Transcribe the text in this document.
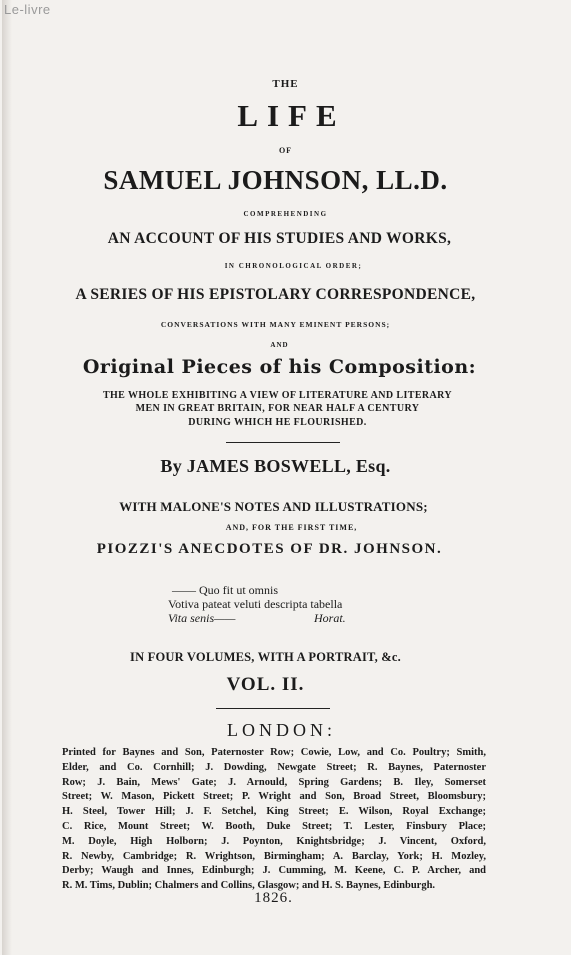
Le-livre
THE
LIFE
OF
SAMUEL JOHNSON, LL.D.
COMPREHENDING
AN ACCOUNT OF HIS STUDIES AND WORKS,
IN CHRONOLOGICAL ORDER;
A SERIES OF HIS EPISTOLARY CORRESPONDENCE,
CONVERSATIONS WITH MANY EMINENT PERSONS;
AND
Original Pieces of his Composition:
THE WHOLE EXHIBITING A VIEW OF LITERATURE AND LITERARY
MEN IN GREAT BRITAIN, FOR NEAR HALF A CENTURY
DURING WHICH HE FLOURISHED.
By JAMES BOSWELL, Esq.
WITH MALONE'S NOTES AND ILLUSTRATIONS;
AND, FOR THE FIRST TIME,
PIOZZI'S ANECDOTES OF DR. JOHNSON.
—— Quo fit ut omnis
Votiva pateat veluti descripta tabella
Vita senis——	Horat.
IN FOUR VOLUMES, WITH A PORTRAIT, &c.
VOL. II.
LONDON:
Printed for Baynes and Son, Paternoster Row; Cowie, Low, and Co. Poultry; Smith,
Elder, and Co. Cornhill; J. Dowding, Newgate Street; R. Baynes, Paternoster
Row; J. Bain, Mews' Gate; J. Arnould, Spring Gardens; B. Iley, Somerset
Street; W. Mason, Pickett Street; P. Wright and Son, Broad Street, Bloomsbury;
H. Steel, Tower Hill; J. F. Setchel, King Street; E. Wilson, Royal Exchange;
C. Rice, Mount Street; W. Booth, Duke Street; T. Lester, Finsbury Place;
M. Doyle, High Holborn; J. Poynton, Knightsbridge; J. Vincent, Oxford,
R. Newby, Cambridge; R. Wrightson, Birmingham; A. Barclay, York; H. Mozley,
Derby; Waugh and Innes, Edinburgh; J. Cumming, M. Keene, C. P. Archer, and
R. M. Tims, Dublin; Chalmers and Collins, Glasgow; and H. S. Baynes, Edinburgh.
1826.
